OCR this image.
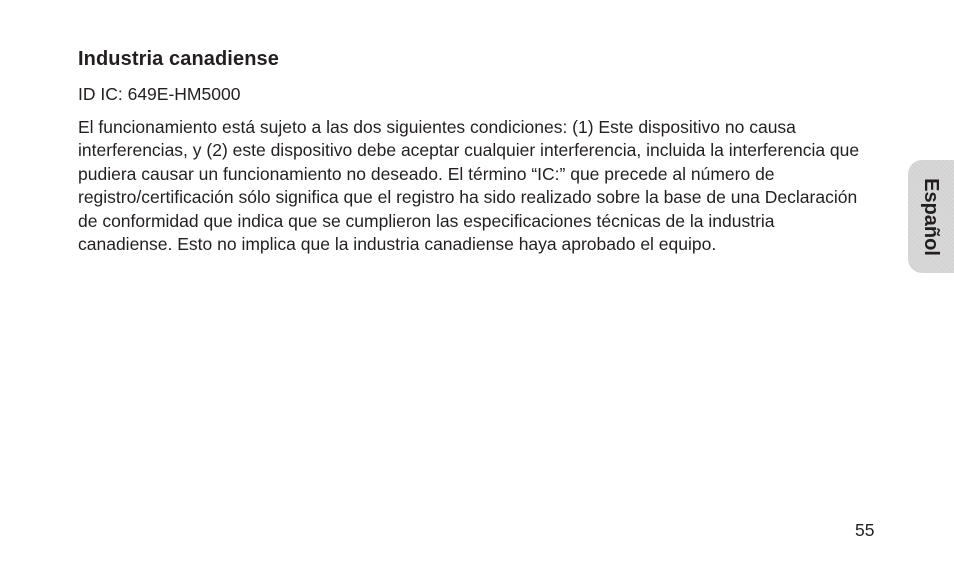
Industria canadiense

ID IC: 649E-HM5000

El funcionamiento está sujeto a las dos siguientes condiciones: (1) Este dispositivo no causa interferencias, y (2) este dispositivo debe aceptar cualquier interferencia, incluida la interferencia que pudiera causar un funcionamiento no deseado. El término “IC:” que precede al número de registro/certificación sólo significa que el registro ha sido realizado sobre la base de una Declaración de conformidad que indica que se cumplieron las especificaciones técnicas de la industria canadiense. Esto no implica que la industria canadiense haya aprobado el equipo.	Español
55
